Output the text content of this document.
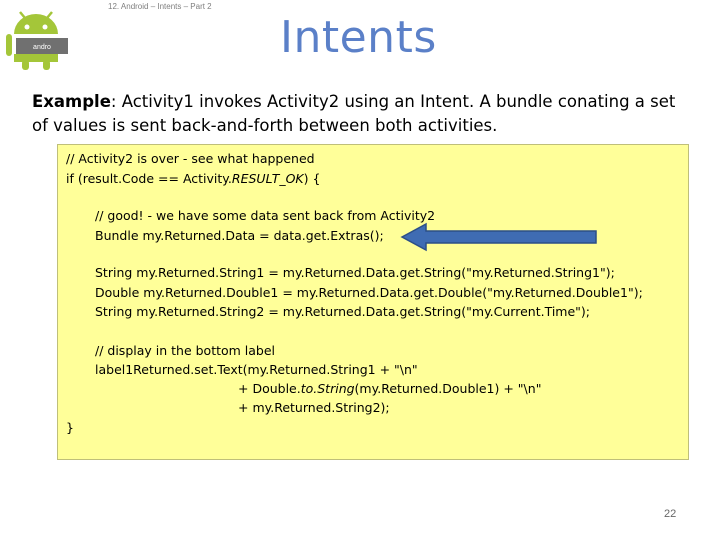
andro
12. Android – Intents – Part 2
Intents
Example: Activity1 invokes Activity2 using an Intent. A bundle conating a set of values is sent back-and-forth between both activities.
// Activity2 is over - see what happened
if (result.Code == Activity.RESULT_OK) {
// good! - we have some data sent back from Activity2
Bundle my.Returned.Data = data.get.Extras();
String my.Returned.String1 = my.Returned.Data.get.String("my.Returned.String1");
Double my.Returned.Double1 = my.Returned.Data.get.Double("my.Returned.Double1");
String my.Returned.String2 = my.Returned.Data.get.String("my.Current.Time");
// display in the bottom label
label1Returned.set.Text(my.Returned.String1 + "\n"
+ Double.to.String(my.Returned.Double1) + "\n"
+ my.Returned.String2);
}
22
